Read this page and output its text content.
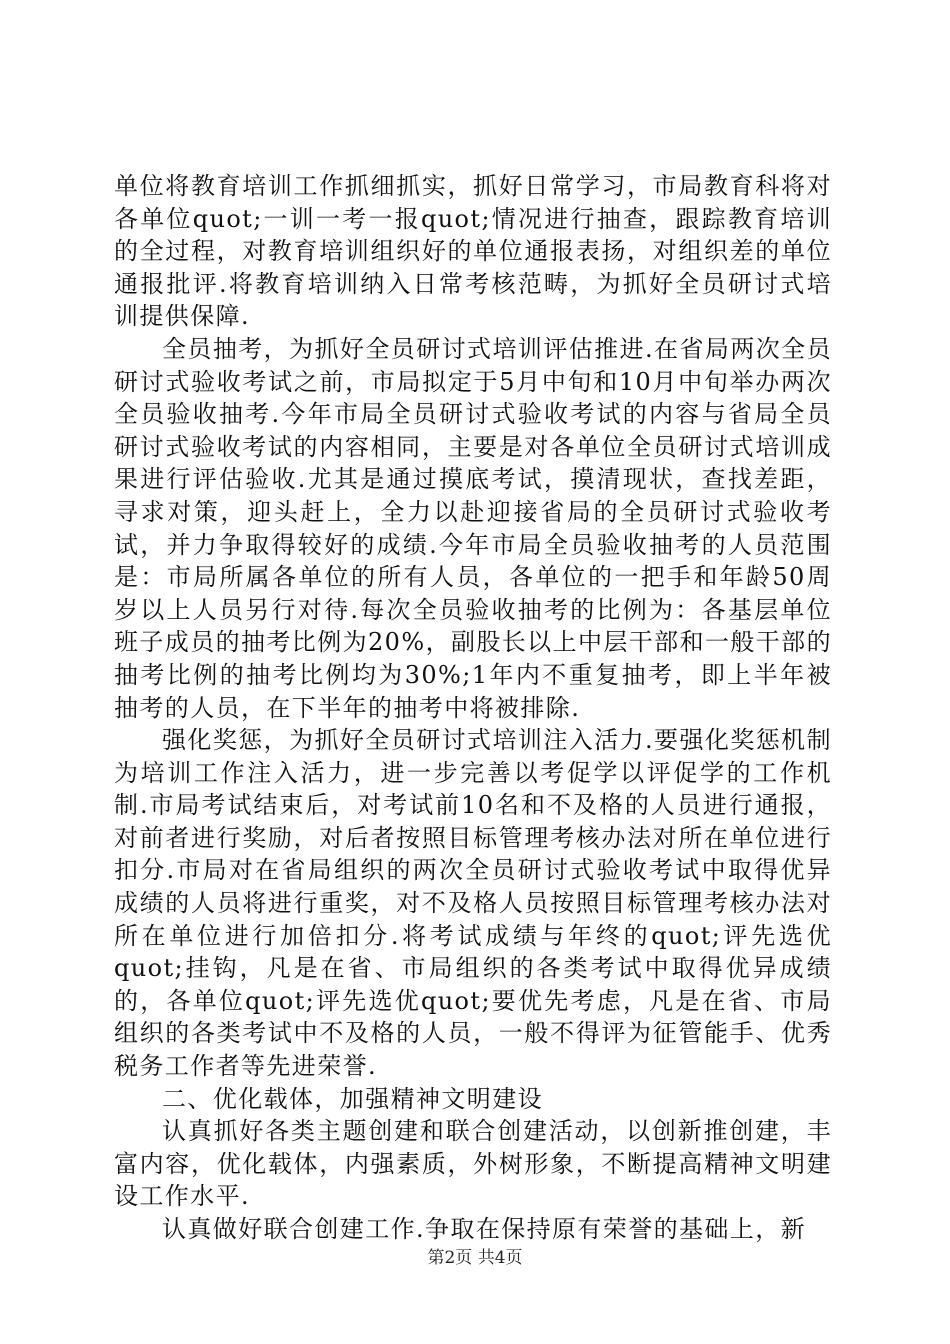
单位将教育培训工作抓细抓实，抓好日常学习，市局教育科将对各单位quot;一训一考一报quot;情况进行抽查，跟踪教育培训的全过程，对教育培训组织好的单位通报表扬，对组织差的单位通报批评.将教育培训纳入日常考核范畴，为抓好全员研讨式培训提供保障.

全员抽考，为抓好全员研讨式培训评估推进.在省局两次全员研讨式验收考试之前，市局拟定于5月中旬和10月中旬举办两次全员验收抽考.今年市局全员研讨式验收考试的内容与省局全员研讨式验收考试的内容相同，主要是对各单位全员研讨式培训成果进行评估验收.尤其是通过摸底考试，摸清现状，查找差距，寻求对策，迎头赶上，全力以赴迎接省局的全员研讨式验收考试，并力争取得较好的成绩.今年市局全员验收抽考的人员范围是：市局所属各单位的所有人员，各单位的一把手和年龄50周岁以上人员另行对待.每次全员验收抽考的比例为：各基层单位班子成员的抽考比例为20%，副股长以上中层干部和一般干部的抽考比例的抽考比例均为30%;1年内不重复抽考，即上半年被抽考的人员，在下半年的抽考中将被排除.

强化奖惩，为抓好全员研讨式培训注入活力.要强化奖惩机制为培训工作注入活力，进一步完善以考促学以评促学的工作机制.市局考试结束后，对考试前10名和不及格的人员进行通报，对前者进行奖励，对后者按照目标管理考核办法对所在单位进行扣分.市局对在省局组织的两次全员研讨式验收考试中取得优异成绩的人员将进行重奖，对不及格人员按照目标管理考核办法对所在单位进行加倍扣分.将考试成绩与年终的quot;评先选优quot;挂钩，凡是在省、市局组织的各类考试中取得优异成绩的，各单位quot;评先选优quot;要优先考虑，凡是在省、市局组织的各类考试中不及格的人员，一般不得评为征管能手、优秀税务工作者等先进荣誉.

二、优化载体，加强精神文明建设

认真抓好各类主题创建和联合创建活动，以创新推创建，丰富内容，优化载体，内强素质，外树形象，不断提高精神文明建设工作水平.

认真做好联合创建工作.争取在保持原有荣誉的基础上，新

第2页 共4页
